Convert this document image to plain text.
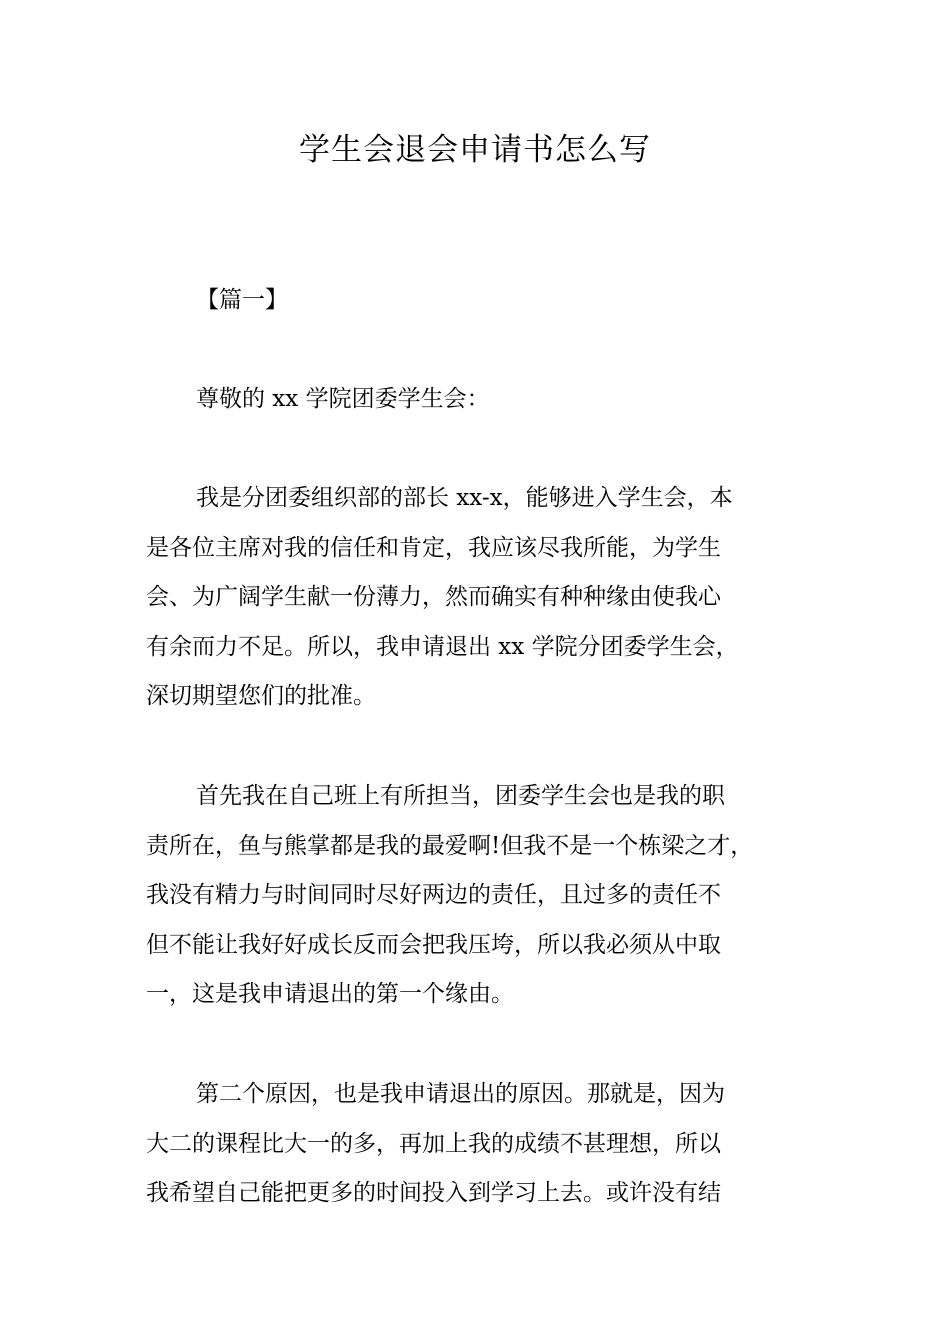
学生会退会申请书怎么写
【篇一】
尊敬的 xx 学院团委学生会：
我是分团委组织部的部长 xx-x，能够进入学生会，本
是各位主席对我的信任和肯定，我应该尽我所能，为学生
会、为广阔学生献一份薄力，然而确实有种种缘由使我心
有余而力不足。所以，我申请退出 xx 学院分团委学生会，
深切期望您们的批准。
首先我在自己班上有所担当，团委学生会也是我的职
责所在，鱼与熊掌都是我的最爱啊!但我不是一个栋梁之才，
我没有精力与时间同时尽好两边的责任，且过多的责任不
但不能让我好好成长反而会把我压垮，所以我必须从中取
一，这是我申请退出的第一个缘由。
第二个原因，也是我申请退出的原因。那就是，因为
大二的课程比大一的多，再加上我的成绩不甚理想，所以
我希望自己能把更多的时间投入到学习上去。或许没有结
